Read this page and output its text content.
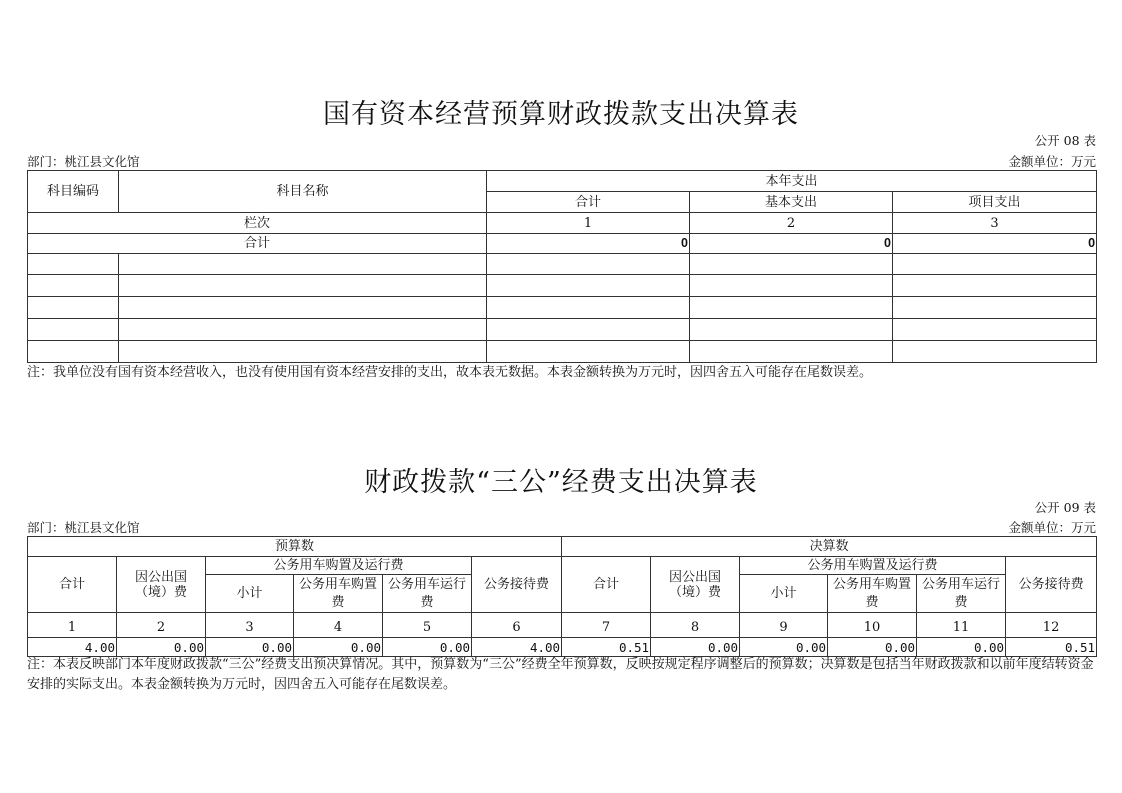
国有资本经营预算财政拨款支出决算表
公开 08 表
部门：桃江县文化馆	金额单位：万元
科目编码	科目名称	本年支出		
		合计	基本支出	项目支出
栏次		1	2	3
合计		0	0	0

注：我单位没有国有资本经营收入，也没有使用国有资本经营安排的支出，故本表无数据。本表金额转换为万元时，因四舍五入可能存在尾数误差。
财政拨款“三公”经费支出决算表
公开 09 表
部门：桃江县文化馆	金额单位：万元
预算数						决算数					
合计	因公出国（境）费	公务用车购置及运行费			公务接待费	合计	因公出国（境）费	公务用车购置及运行费			公务接待费
		小计	公务用车购置费	公务用车运行费				小计	公务用车购置费	公务用车运行费	

1	2	3	4	5	6	7	8	9	10	11	12
4.00	0.00	0.00	0.00	0.00	4.00	0.51	0.00	0.00	0.00	0.00	0.51
注：本表反映部门本年度财政拨款“三公”经费支出预决算情况。其中，预算数为“三公”经费全年预算数，反映按规定程序调整后的预算数；决算数是包括当年财政拨款和以前年度结转资金安排的实际支出。本表金额转换为万元时，因四舍五入可能存在尾数误差。
